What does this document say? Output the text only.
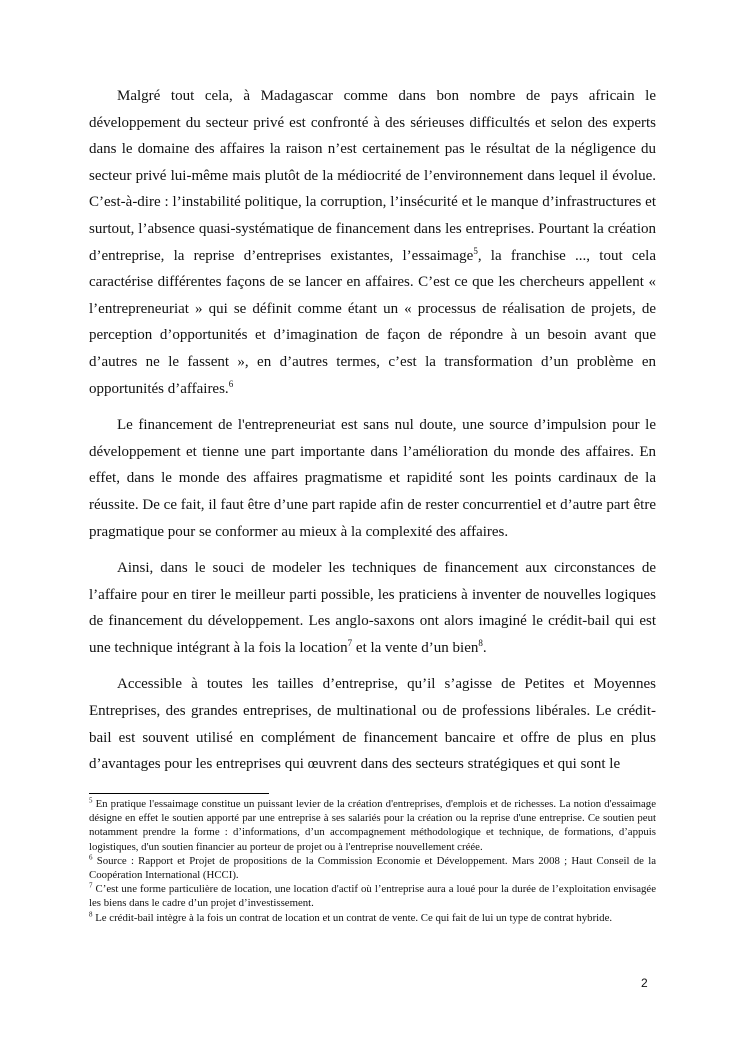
Malgré tout cela, à Madagascar comme dans bon nombre de pays africain le développement du secteur privé est confronté à des sérieuses difficultés et selon des experts dans le domaine des affaires la raison n’est certainement pas le résultat de la négligence du secteur privé lui-même mais plutôt de la médiocrité de l’environnement dans lequel il évolue. C’est-à-dire : l’instabilité politique, la corruption, l’insécurité et le manque d’infrastructures et surtout, l’absence quasi-systématique de financement dans les entreprises. Pourtant la création d’entreprise, la reprise d’entreprises existantes, l’essaimage$^5$, la franchise ..., tout cela caractérise différentes façons de se lancer en affaires. C’est ce que les chercheurs appellent « l’entrepreneuriat » qui se définit comme étant un « processus de réalisation de projets, de perception d’opportunités et d’imagination de façon de répondre à un besoin avant que d’autres ne le fassent », en d’autres termes, c’est la transformation d’un problème en opportunités d’affaires.$^6$

Le financement de l'entrepreneuriat est sans nul doute, une source d’impulsion pour le développement et tienne une part importante dans l’amélioration du monde des affaires. En effet, dans le monde des affaires pragmatisme et rapidité sont les points cardinaux de la réussite. De ce fait, il faut être d’une part rapide afin de rester concurrentiel et d’autre part être pragmatique pour se conformer au mieux à la complexité des affaires.

Ainsi, dans le souci de modeler les techniques de financement aux circonstances de l’affaire pour en tirer le meilleur parti possible, les praticiens à inventer de nouvelles logiques de financement du développement. Les anglo-saxons ont alors imaginé le crédit-bail qui est une technique intégrant à la fois la location$^7$ et la vente d’un bien$^8$.

Accessible à toutes les tailles d’entreprise, qu’il s’agisse de Petites et Moyennes Entreprises, des grandes entreprises, de multinational ou de professions libérales. Le crédit-bail est souvent utilisé en complément de financement bancaire et offre de plus en plus d’avantages pour les entreprises qui œuvrent dans des secteurs stratégiques et qui sont le

$^5$ En pratique l'essaimage constitue un puissant levier de la création d'entreprises, d'emplois et de richesses. La notion d'essaimage désigne en effet le soutien apporté par une entreprise à ses salariés pour la création ou la reprise d'une entreprise. Ce soutien peut notamment prendre la forme : d’informations, d’un accompagnement méthodologique et technique, de formations, d’appuis logistiques, d'un soutien financier au porteur de projet ou à l'entreprise nouvellement créée.

$^6$ Source : Rapport et Projet de propositions de la Commission Economie et Développement. Mars 2008 ; Haut Conseil de la Coopération International (HCCI).

$^7$ C’est une forme particulière de location, une location d'actif où l’entreprise aura a loué pour la durée de l’exploitation envisagée les biens dans le cadre d’un projet d’investissement.

$^8$ Le crédit-bail intègre à la fois un contrat de location et un contrat de vente. Ce qui fait de lui un type de contrat hybride.

2
